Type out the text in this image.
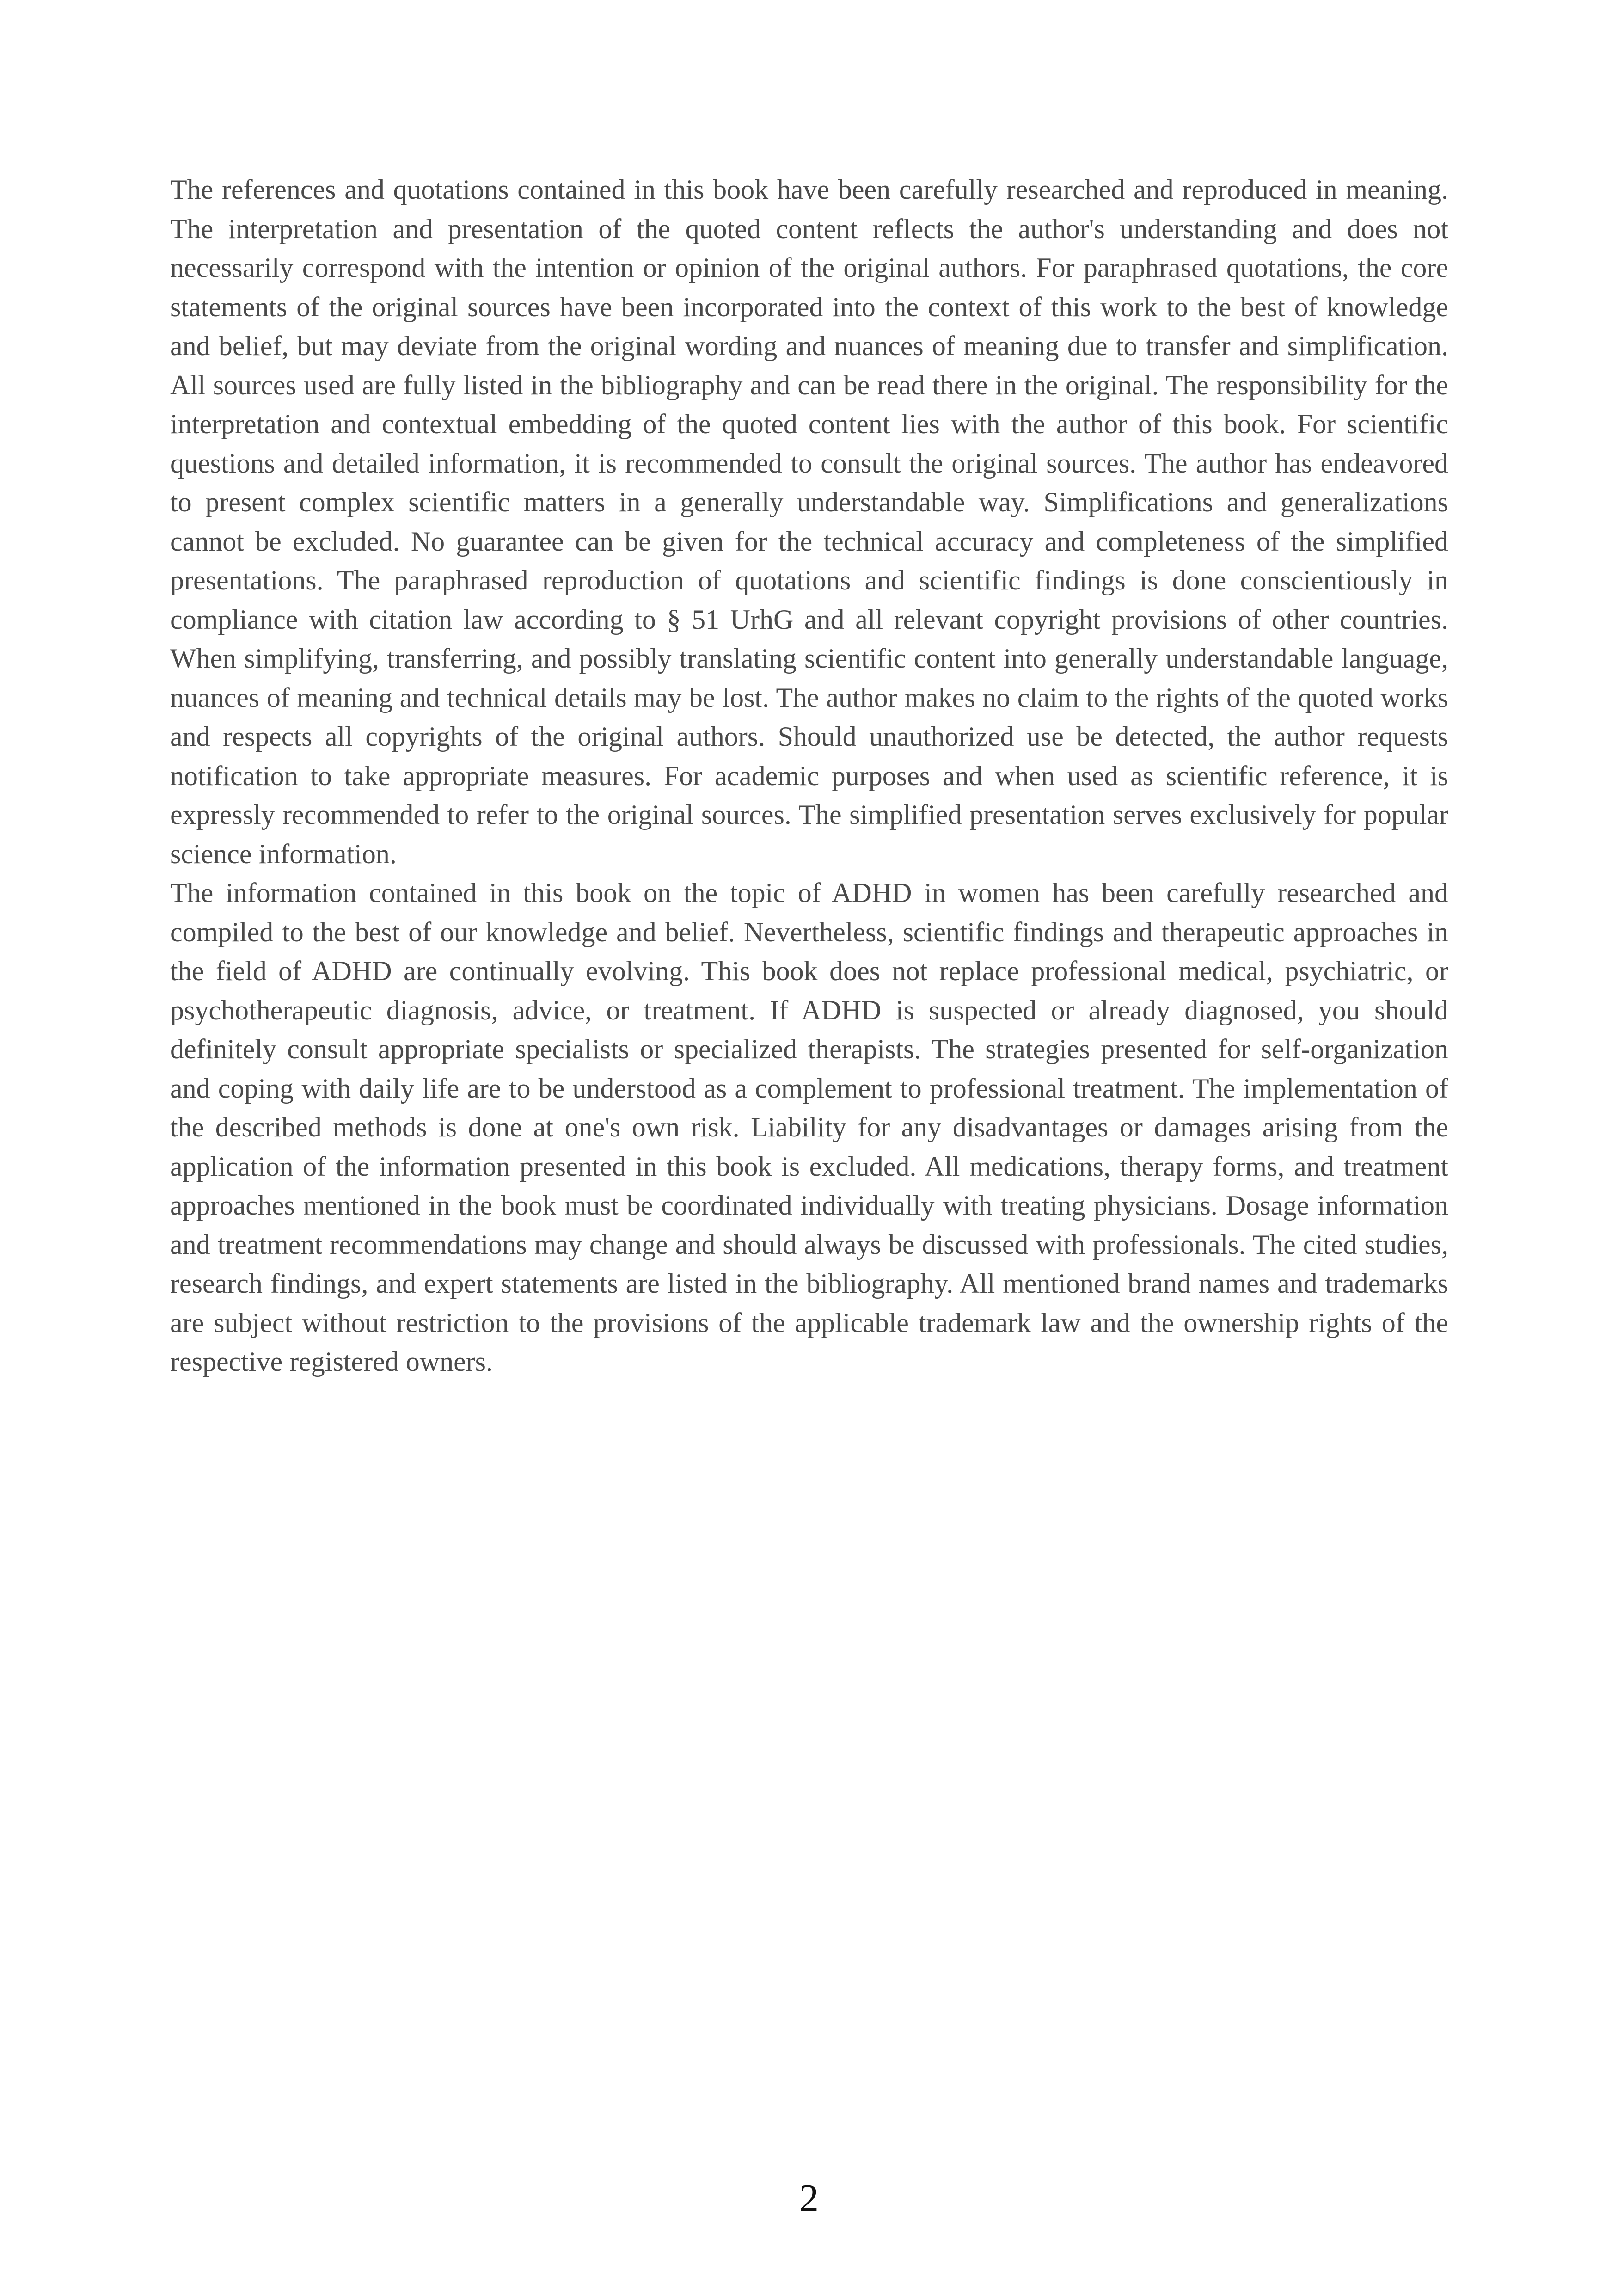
The references and quotations contained in this book have been carefully researched and reproduced in meaning. The interpretation and presentation of the quoted content reflects the author's understanding and does not necessarily correspond with the intention or opinion of the original authors. For paraphrased quotations, the core statements of the original sources have been incorporated into the context of this work to the best of knowledge and belief, but may deviate from the original wording and nuances of meaning due to transfer and simplification. All sources used are fully listed in the bibliography and can be read there in the original. The responsibility for the interpretation and contextual embedding of the quoted content lies with the author of this book. For scientific questions and detailed information, it is recommended to consult the original sources. The author has endeavored to present complex scientific matters in a generally understandable way. Simplifications and generalizations cannot be excluded. No guarantee can be given for the technical accuracy and completeness of the simplified presentations. The paraphrased reproduction of quotations and scientific findings is done conscientiously in compliance with citation law according to § 51 UrhG and all relevant copyright provisions of other countries. When simplifying, transferring, and possibly translating scientific content into generally understandable language, nuances of meaning and technical details may be lost. The author makes no claim to the rights of the quoted works and respects all copyrights of the original authors. Should unauthorized use be detected, the author requests notification to take appropriate measures. For academic purposes and when used as scientific reference, it is expressly recommended to refer to the original sources. The simplified presentation serves exclusively for popular science information.

The information contained in this book on the topic of ADHD in women has been carefully researched and compiled to the best of our knowledge and belief. Nevertheless, scientific findings and therapeutic approaches in the field of ADHD are continually evolving. This book does not replace professional medical, psychiatric, or psychotherapeutic diagnosis, advice, or treatment. If ADHD is suspected or already diagnosed, you should definitely consult appropriate specialists or specialized therapists. The strategies presented for self-organization and coping with daily life are to be understood as a complement to professional treatment. The implementation of the described methods is done at one's own risk. Liability for any disadvantages or damages arising from the application of the information presented in this book is excluded. All medications, therapy forms, and treatment approaches mentioned in the book must be coordinated individually with treating physicians. Dosage information and treatment recommendations may change and should always be discussed with professionals. The cited studies, research findings, and expert statements are listed in the bibliography. All mentioned brand names and trademarks are subject without restriction to the provisions of the applicable trademark law and the ownership rights of the respective registered owners.

2
